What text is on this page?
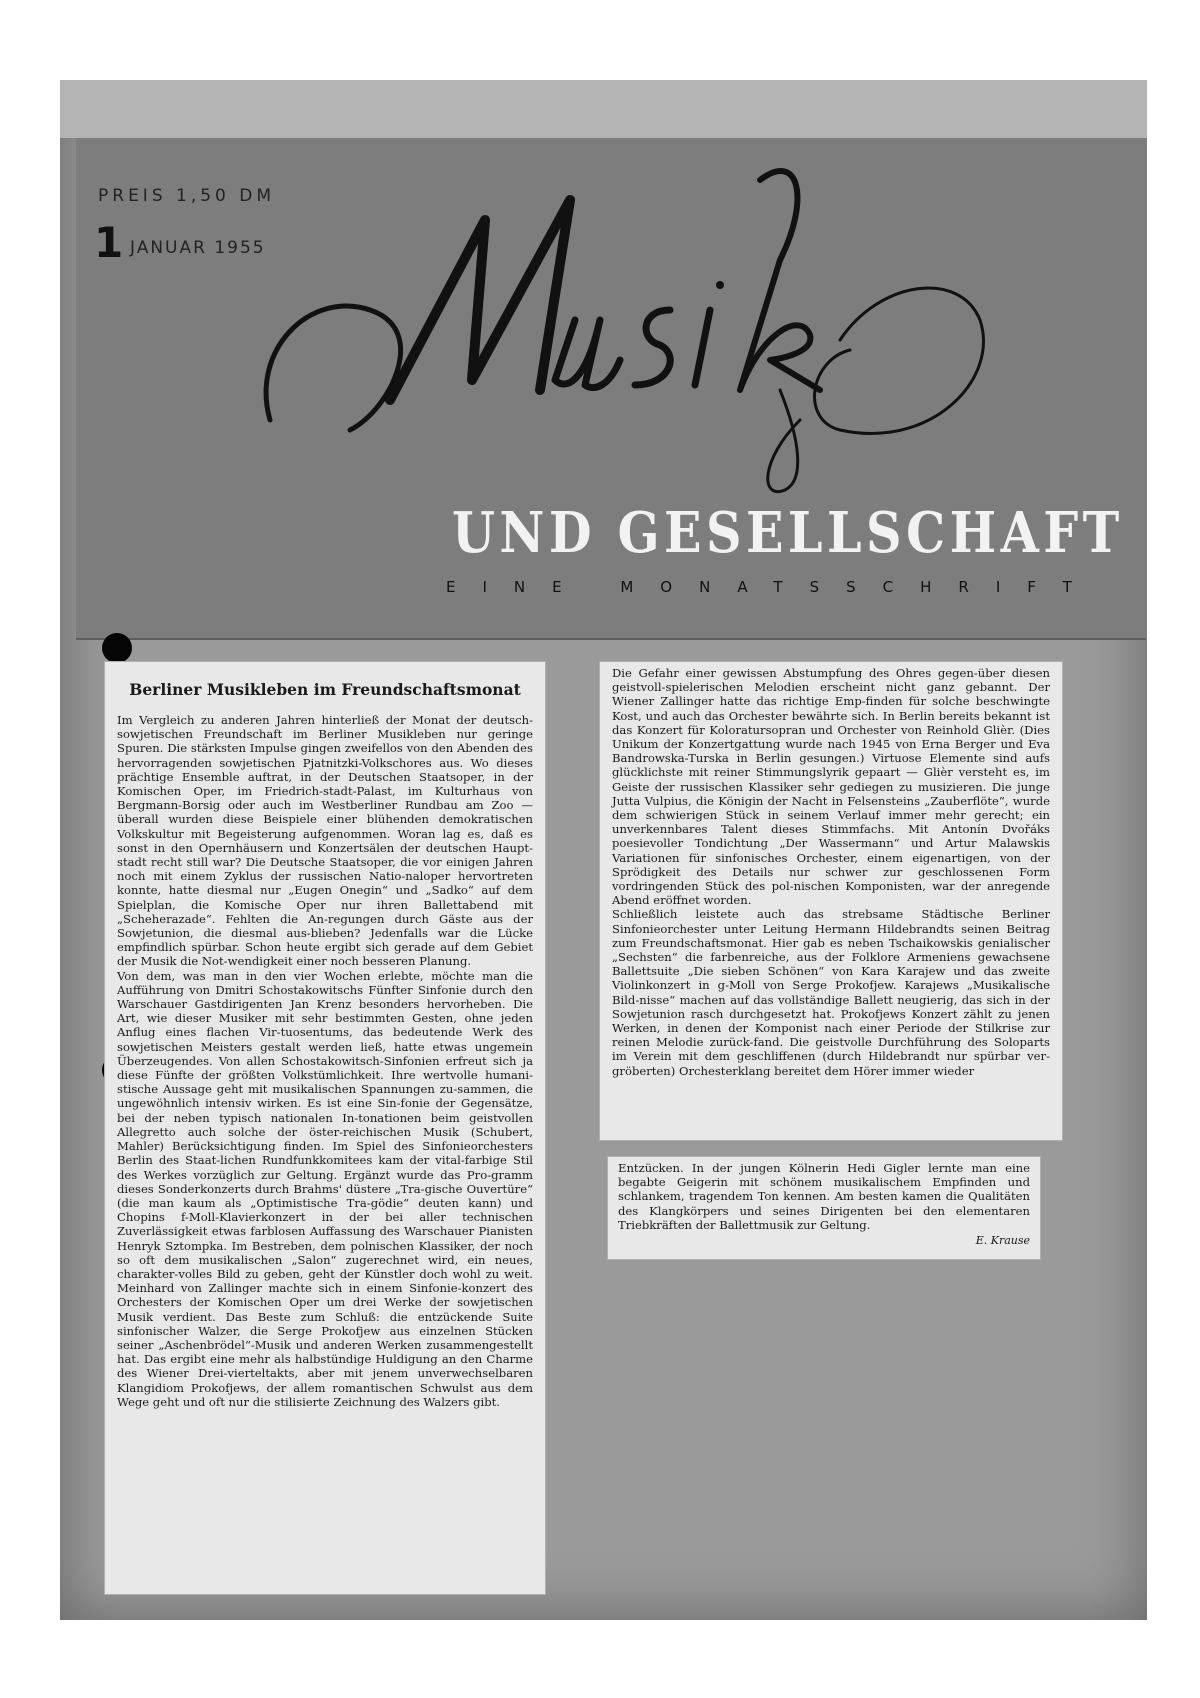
PREIS 1,50 DM
1 JANUAR 1955
UND GESELLSCHAFT
EINE MONATSSCHRIFT
Berliner Musikleben im Freundschaftsmonat
Im Vergleich zu anderen Jahren hinterließ der Monat der deutsch-sowjetischen Freundschaft im Berliner Musikleben nur geringe Spuren. Die stärksten Impulse gingen zweifellos von den Abenden des hervorragenden sowjetischen Pjatnitzki-Volkschores aus. Wo dieses prächtige Ensemble auftrat, in der Deutschen Staatsoper, in der Komischen Oper, im Friedrich-stadt-Palast, im Kulturhaus von Bergmann-Borsig oder auch im Westberliner Rundbau am Zoo — überall wurden diese Beispiele einer blühenden demokratischen Volkskultur mit Begeisterung aufgenommen. Woran lag es, daß es sonst in den Opernhäusern und Konzertsälen der deutschen Haupt-stadt recht still war? Die Deutsche Staatsoper, die vor einigen Jahren noch mit einem Zyklus der russischen Natio-naloper hervortreten konnte, hatte diesmal nur „Eugen Onegin“ und „Sadko“ auf dem Spielplan, die Komische Oper nur ihren Ballettabend mit „Scheherazade“. Fehlten die An-regungen durch Gäste aus der Sowjetunion, die diesmal aus-blieben? Jedenfalls war die Lücke empfindlich spürbar. Schon heute ergibt sich gerade auf dem Gebiet der Musik die Not-wendigkeit einer noch besseren Planung.
Von dem, was man in den vier Wochen erlebte, möchte man die Aufführung von Dmitri Schostakowitschs Fünfter Sinfonie durch den Warschauer Gastdirigenten Jan Krenz besonders hervorheben. Die Art, wie dieser Musiker mit sehr bestimmten Gesten, ohne jeden Anflug eines flachen Vir-tuosentums, das bedeutende Werk des sowjetischen Meisters gestalt werden ließ, hatte etwas ungemein Überzeugendes. Von allen Schostakowitsch-Sinfonien erfreut sich ja diese Fünfte der größten Volkstümlichkeit. Ihre wertvolle humani-stische Aussage geht mit musikalischen Spannungen zu-sammen, die ungewöhnlich intensiv wirken. Es ist eine Sin-fonie der Gegensätze, bei der neben typisch nationalen In-tonationen beim geistvollen Allegretto auch solche der öster-reichischen Musik (Schubert, Mahler) Berücksichtigung finden. Im Spiel des Sinfonieorchesters Berlin des Staat-lichen Rundfunkkomitees kam der vital-farbige Stil des Werkes vorzüglich zur Geltung. Ergänzt wurde das Pro-gramm dieses Sonderkonzerts durch Brahms' düstere „Tra-gische Ouvertüre“ (die man kaum als „Optimistische Tra-gödie“ deuten kann) und Chopins f-Moll-Klavierkonzert in der bei aller technischen Zuverlässigkeit etwas farblosen Auffassung des Warschauer Pianisten Henryk Sztompka. Im Bestreben, dem polnischen Klassiker, der noch so oft dem musikalischen „Salon“ zugerechnet wird, ein neues, charakter-volles Bild zu geben, geht der Künstler doch wohl zu weit. Meinhard von Zallinger machte sich in einem Sinfonie-konzert des Orchesters der Komischen Oper um drei Werke der sowjetischen Musik verdient. Das Beste zum Schluß: die entzückende Suite sinfonischer Walzer, die Serge Prokofjew aus einzelnen Stücken seiner „Aschenbrödel“-Musik und anderen Werken zusammengestellt hat. Das ergibt eine mehr als halbstündige Huldigung an den Charme des Wiener Drei-vierteltakts, aber mit jenem unverwechselbaren Klangidiom Prokofjews, der allem romantischen Schwulst aus dem Wege geht und oft nur die stilisierte Zeichnung des Walzers gibt.
Die Gefahr einer gewissen Abstumpfung des Ohres gegen-über diesen geistvoll-spielerischen Melodien erscheint nicht ganz gebannt. Der Wiener Zallinger hatte das richtige Emp-finden für solche beschwingte Kost, und auch das Orchester bewährte sich. In Berlin bereits bekannt ist das Konzert für Koloratursopran und Orchester von Reinhold Glièr. (Dies Unikum der Konzertgattung wurde nach 1945 von Erna Berger und Eva Bandrowska-Turska in Berlin gesungen.) Virtuose Elemente sind aufs glücklichste mit reiner Stimmungslyrik gepaart — Glièr versteht es, im Geiste der russischen Klassiker sehr gediegen zu musizieren. Die junge Jutta Vulpius, die Königin der Nacht in Felsensteins „Zauberflöte“, wurde dem schwierigen Stück in seinem Verlauf immer mehr gerecht; ein unverkennbares Talent dieses Stimmfachs. Mit Antonín Dvořáks poesievoller Tondichtung „Der Wassermann“ und Artur Malawskis Variationen für sinfonisches Orchester, einem eigenartigen, von der Sprödigkeit des Details nur schwer zur geschlossenen Form vordringenden Stück des pol-nischen Komponisten, war der anregende Abend eröffnet worden.
Schließlich leistete auch das strebsame Städtische Berliner Sinfonieorchester unter Leitung Hermann Hildebrandts seinen Beitrag zum Freundschaftsmonat. Hier gab es neben Tschaikowskis genialischer „Sechsten“ die farbenreiche, aus der Folklore Armeniens gewachsene Ballettsuite „Die sieben Schönen“ von Kara Karajew und das zweite Violinkonzert in g-Moll von Serge Prokofjew. Karajews „Musikalische Bild-nisse“ machen auf das vollständige Ballett neugierig, das sich in der Sowjetunion rasch durchgesetzt hat. Prokofjews Konzert zählt zu jenen Werken, in denen der Komponist nach einer Periode der Stilkrise zur reinen Melodie zurück-fand. Die geistvolle Durchführung des Soloparts im Verein mit dem geschliffenen (durch Hildebrandt nur spürbar ver-gröberten) Orchesterklang bereitet dem Hörer immer wieder
Entzücken. In der jungen Kölnerin Hedi Gigler lernte man eine begabte Geigerin mit schönem musikalischem Empfinden und schlankem, tragendem Ton kennen. Am besten kamen die Qualitäten des Klangkörpers und seines Dirigenten bei den elementaren Triebkräften der Ballettmusik zur Geltung.
E. Krause
